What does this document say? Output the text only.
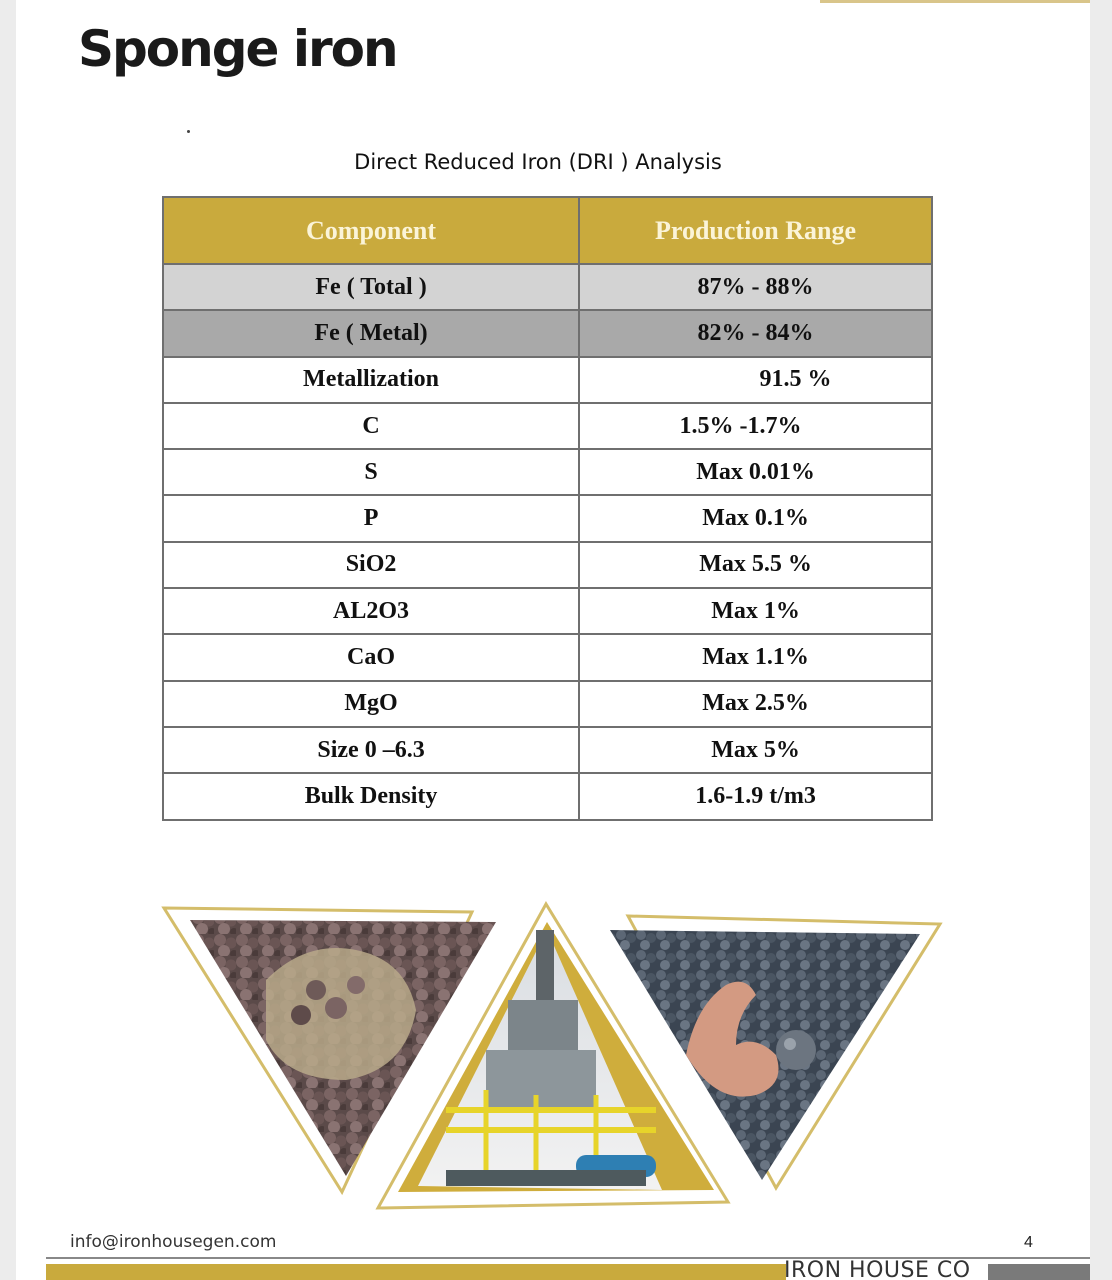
Sponge iron
Direct Reduced Iron (DRI ) Analysis
Component	Production Range
Fe ( Total )	87% - 88%
Fe ( Metal)	82% - 84%
Metallization	91.5 %
C	1.5% -1.7%
S	Max 0.01%
P	Max 0.1%
SiO2	Max 5.5 %
AL2O3	Max 1%
CaO	Max 1.1%
MgO	Max 2.5%
Size 0 –6.3	Max 5%
Bulk Density	1.6-1.9 t/m3
info@ironhousegen.com	4
IRON HOUSE CO
